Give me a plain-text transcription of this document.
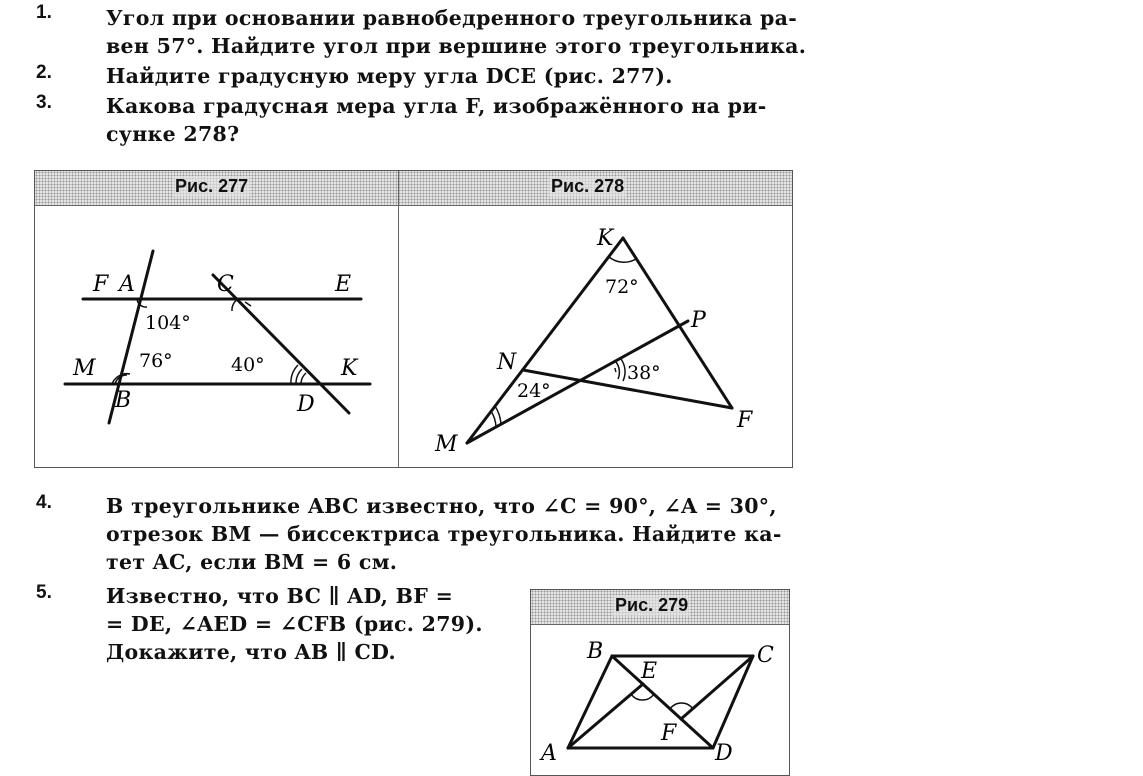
1.	Угол при основании равнобедренного треугольника ра-
вен 57°. Найдите угол при вершине этого треугольника.
2.	Найдите градусную меру угла DCE (рис. 277).
3.	Какова градусная мера угла F, изображённого на ри-
сунке 278?
Рис. 277	Рис. 278
F A	C	E
M	K
B	D
104°
76°	40°
K
P
N
M
F
72°
38°
24°
4.	В треугольнике ABC известно, что ∠C = 90°, ∠A = 30°,
отрезок BM — биссектриса треугольника. Найдите ка-
тет AC, если BM = 6 см.
5.	Известно, что BC ∥ AD, BF =
= DE, ∠AED = ∠CFB (рис. 279).
Докажите, что AB ∥ CD.
Рис. 279
B	C
E
F
A	D
